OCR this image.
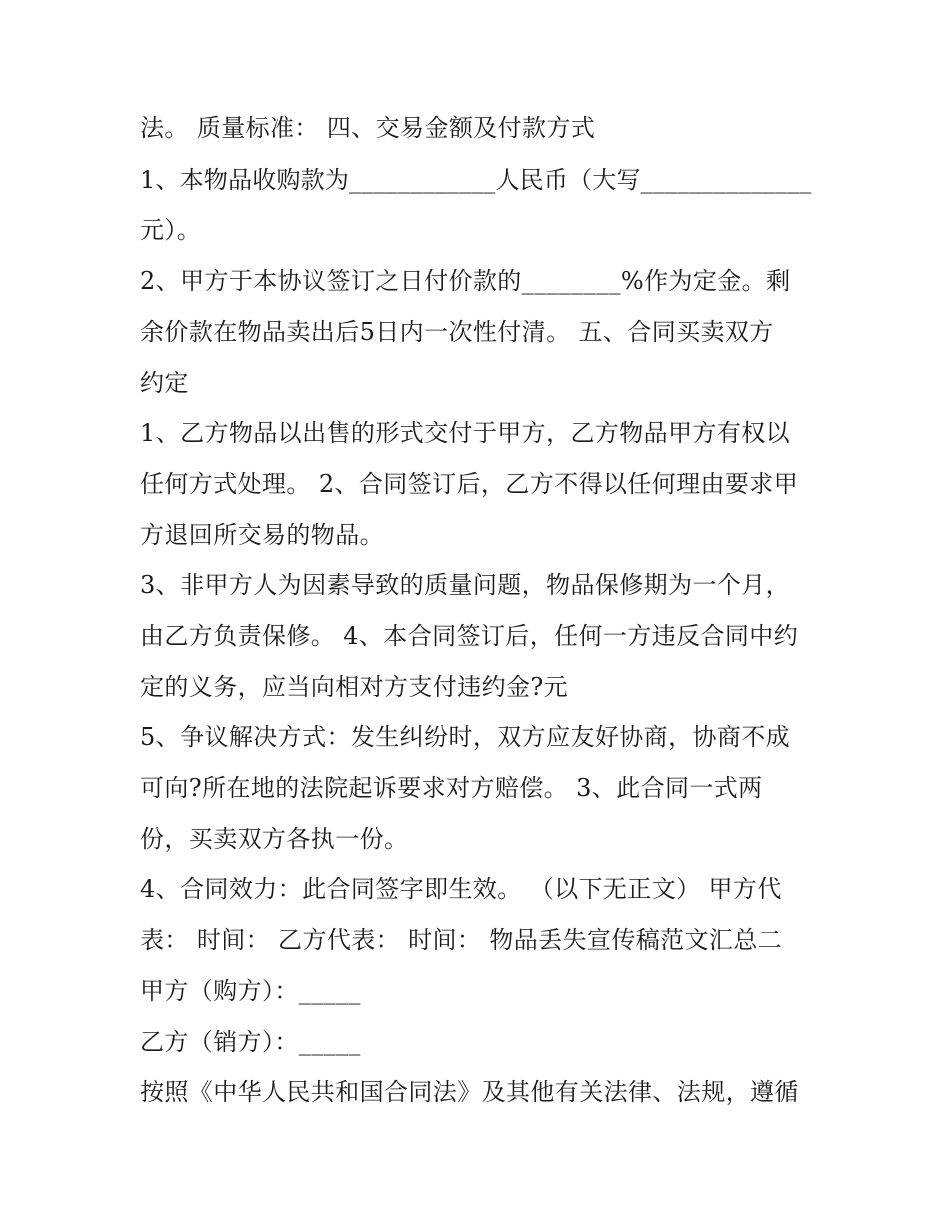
法。 质量标准： 四、交易金额及付款方式
1、本物品收购款为____________人民币（大写______________
元）。
2、甲方于本协议签订之日付价款的________%作为定金。剩
余价款在物品卖出后5日内一次性付清。 五、合同买卖双方
约定
1、乙方物品以出售的形式交付于甲方，乙方物品甲方有权以
任何方式处理。 2、合同签订后，乙方不得以任何理由要求甲
方退回所交易的物品。
3、非甲方人为因素导致的质量问题，物品保修期为一个月，
由乙方负责保修。 4、本合同签订后，任何一方违反合同中约
定的义务，应当向相对方支付违约金?元
5、争议解决方式：发生纠纷时，双方应友好协商，协商不成
可向?所在地的法院起诉要求对方赔偿。 3、此合同一式两
份，买卖双方各执一份。
4、合同效力：此合同签字即生效。 （以下无正文） 甲方代
表： 时间： 乙方代表： 时间： 物品丢失宣传稿范文汇总二
甲方（购方）：_____
乙方（销方）：_____
按照《中华人民共和国合同法》及其他有关法律、法规，遵循
